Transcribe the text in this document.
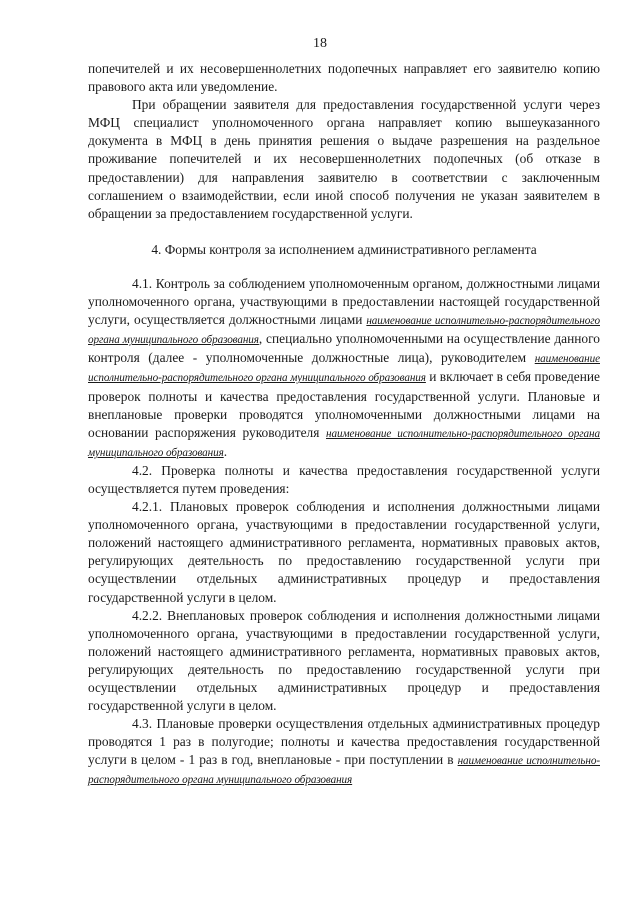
18

попечителей и их несовершеннолетних подопечных направляет его заявителю копию правового акта или уведомление.

При обращении заявителя для предоставления государственной услуги через МФЦ специалист уполномоченного органа направляет копию вышеуказанного документа в МФЦ в день принятия решения о выдаче разрешения на раздельное проживание попечителей и их несовершеннолетних подопечных (об отказе в предоставлении) для направления заявителю в соответствии с заключенным соглашением о взаимодействии, если иной способ получения не указан заявителем в обращении за предоставлением государственной услуги.

4. Формы контроля за исполнением административного регламента

4.1. Контроль за соблюдением уполномоченным органом, должностными лицами уполномоченного органа, участвующими в предоставлении настоящей государственной услуги, осуществляется должностными лицами наименование исполнительно-распорядительного органа муниципального образования, специально уполномоченными на осуществление данного контроля (далее - уполномоченные должностные лица), руководителем наименование исполнительно-распорядительного органа муниципального образования и включает в себя проведение проверок полноты и качества предоставления государственной услуги. Плановые и внеплановые проверки проводятся уполномоченными должностными лицами на основании распоряжения руководителя наименование исполнительно-распорядительного органа муниципального образования.

4.2. Проверка полноты и качества предоставления государственной услуги осуществляется путем проведения:

4.2.1. Плановых проверок соблюдения и исполнения должностными лицами уполномоченного органа, участвующими в предоставлении государственной услуги, положений настоящего административного регламента, нормативных правовых актов, регулирующих деятельность по предоставлению государственной услуги при осуществлении отдельных административных процедур и предоставления государственной услуги в целом.

4.2.2. Внеплановых проверок соблюдения и исполнения должностными лицами уполномоченного органа, участвующими в предоставлении государственной услуги, положений настоящего административного регламента, нормативных правовых актов, регулирующих деятельность по предоставлению государственной услуги при осуществлении отдельных административных процедур и предоставления государственной услуги в целом.

4.3. Плановые проверки осуществления отдельных административных процедур проводятся 1 раз в полугодие; полноты и качества предоставления государственной услуги в целом - 1 раз в год, внеплановые - при поступлении в наименование исполнительно-распорядительного органа муниципального образования
